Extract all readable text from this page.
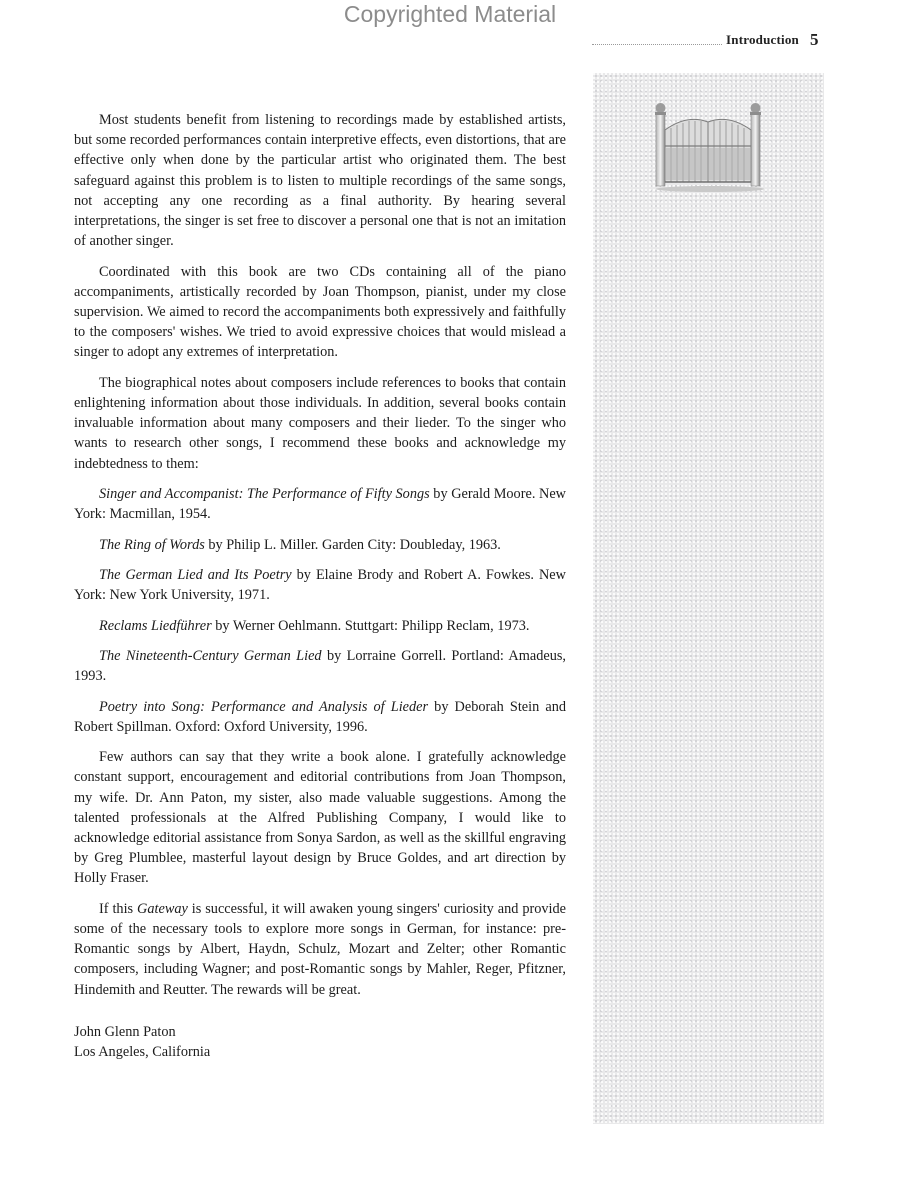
Copyrighted Material
Introduction 5

Most students benefit from listening to recordings made by established artists, but some recorded performances contain interpretive effects, even distortions, that are effective only when done by the particular artist who originated them. The best safeguard against this problem is to listen to multiple recordings of the same songs, not accepting any one recording as a final authority. By hearing several interpretations, the singer is set free to discover a personal one that is not an imitation of another singer.

Coordinated with this book are two CDs containing all of the piano accompaniments, artistically recorded by Joan Thompson, pianist, under my close supervision. We aimed to record the accompaniments both expressively and faithfully to the composers' wishes. We tried to avoid expressive choices that would mislead a singer to adopt any extremes of interpretation.

The biographical notes about composers include references to books that contain enlightening information about those individuals. In addition, several books contain invaluable information about many composers and their lieder. To the singer who wants to research other songs, I recommend these books and acknowledge my indebtedness to them:

Singer and Accompanist: The Performance of Fifty Songs by Gerald Moore. New York: Macmillan, 1954.

The Ring of Words by Philip L. Miller. Garden City: Doubleday, 1963.

The German Lied and Its Poetry by Elaine Brody and Robert A. Fowkes. New York: New York University, 1971.

Reclams Liedführer by Werner Oehlmann. Stuttgart: Philipp Reclam, 1973.

The Nineteenth-Century German Lied by Lorraine Gorrell. Portland: Amadeus, 1993.

Poetry into Song: Performance and Analysis of Lieder by Deborah Stein and Robert Spillman. Oxford: Oxford University, 1996.

Few authors can say that they write a book alone. I gratefully acknowledge constant support, encouragement and editorial contributions from Joan Thompson, my wife. Dr. Ann Paton, my sister, also made valuable suggestions. Among the talented professionals at the Alfred Publishing Company, I would like to acknowledge editorial assistance from Sonya Sardon, as well as the skillful engraving by Greg Plumblee, masterful layout design by Bruce Goldes, and art direction by Holly Fraser.

If this Gateway is successful, it will awaken young singers' curiosity and provide some of the necessary tools to explore more songs in German, for instance: pre-Romantic songs by Albert, Haydn, Schulz, Mozart and Zelter; other Romantic composers, including Wagner; and post-Romantic songs by Mahler, Reger, Pfitzner, Hindemith and Reutter. The rewards will be great.

John Glenn Paton
Los Angeles, California
